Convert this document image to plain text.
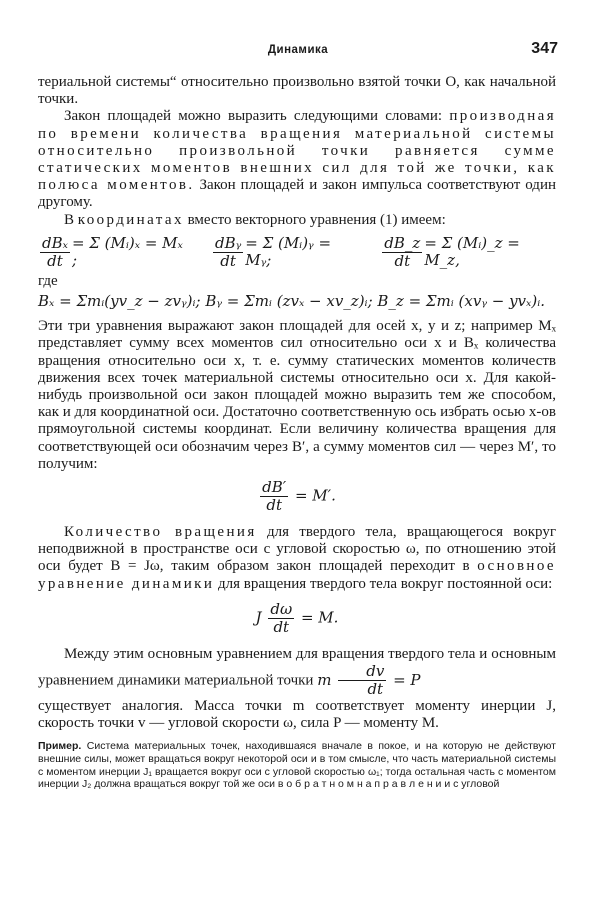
Динамика	347

териальной системы“ относительно произвольно взятой точки O, как начальной точки.

Закон площадей можно выразить следующими словами: производная по времени количества вращения материальной системы относительно произвольной точки равняется сумме статических моментов внешних сил для той же точки, как полюса моментов. Закон площадей и закон импульса соответствуют один другому.

В координатах вместо векторного уравнения (1) имеем:

$\frac{\text{dBₓ}}{dt} = \Sigma$ (Mᵢ)ₓ = Mₓ ;	$\frac{\text{dBᵧ}}{dt} = \Sigma$ (Mᵢ)ᵧ = Mᵧ;	$\frac{dB\_z}{dt} = \Sigma$ (Mᵢ)_z = M_z,

где

Bₓ = Σmᵢ(yv_z − zvᵧ)ᵢ; Bᵧ = Σmᵢ (zvₓ − xv_z)ᵢ; B_z = Σmᵢ (xvᵧ − yvₓ)ᵢ.

Эти три уравнения выражают закон площадей для осей x, y и z; например Mₓ представляет сумму всех моментов сил относительно оси x и Bₓ количества вращения относительно оси x, т. е. сумму статических моментов количеств движения всех точек материальной системы относительно оси x. Для какой-нибудь произвольной оси закон площадей можно выразить тем же способом, как и для координатной оси. Достаточно соответственную ось избрать осью x-ов прямоугольной системы координат. Если величину количества вращения для соответствующей оси обозначим через B′, а сумму моментов сил — через M′, то получим:

$\frac{dB'}{dt} = M'$.

Количество вращения для твердого тела, вращающегося вокруг неподвижной в пространстве оси с угловой скоростью ω, по отношению этой оси будет B = Jω, таким образом закон площадей переходит в основное уравнение динамики для вращения твердого тела вокруг постоянной оси:

J $\frac{d\omega}{dt} = M$.

Между этим основным уравнением для вращения твердого тела и основным уравнением динамики материальной точки m $\frac{dv}{dt} = P$

существует аналогия. Масса точки m соответствует моменту инерции J, скорость точки v — угловой скорости ω, сила P — моменту M.

Пример. Система материальных точек, находившаяся вначале в покое, и на которую не действуют внешние силы, может вращаться вокруг некоторой оси и в том смысле, что часть материальной системы с моментом инерции J₁ вращается вокруг оси с угловой скоростью ω₁; тогда остальная часть с моментом инерции J₂ должна вращаться вокруг той же оси в о б р а т н о м н а п р а в л е н и и с угловой
